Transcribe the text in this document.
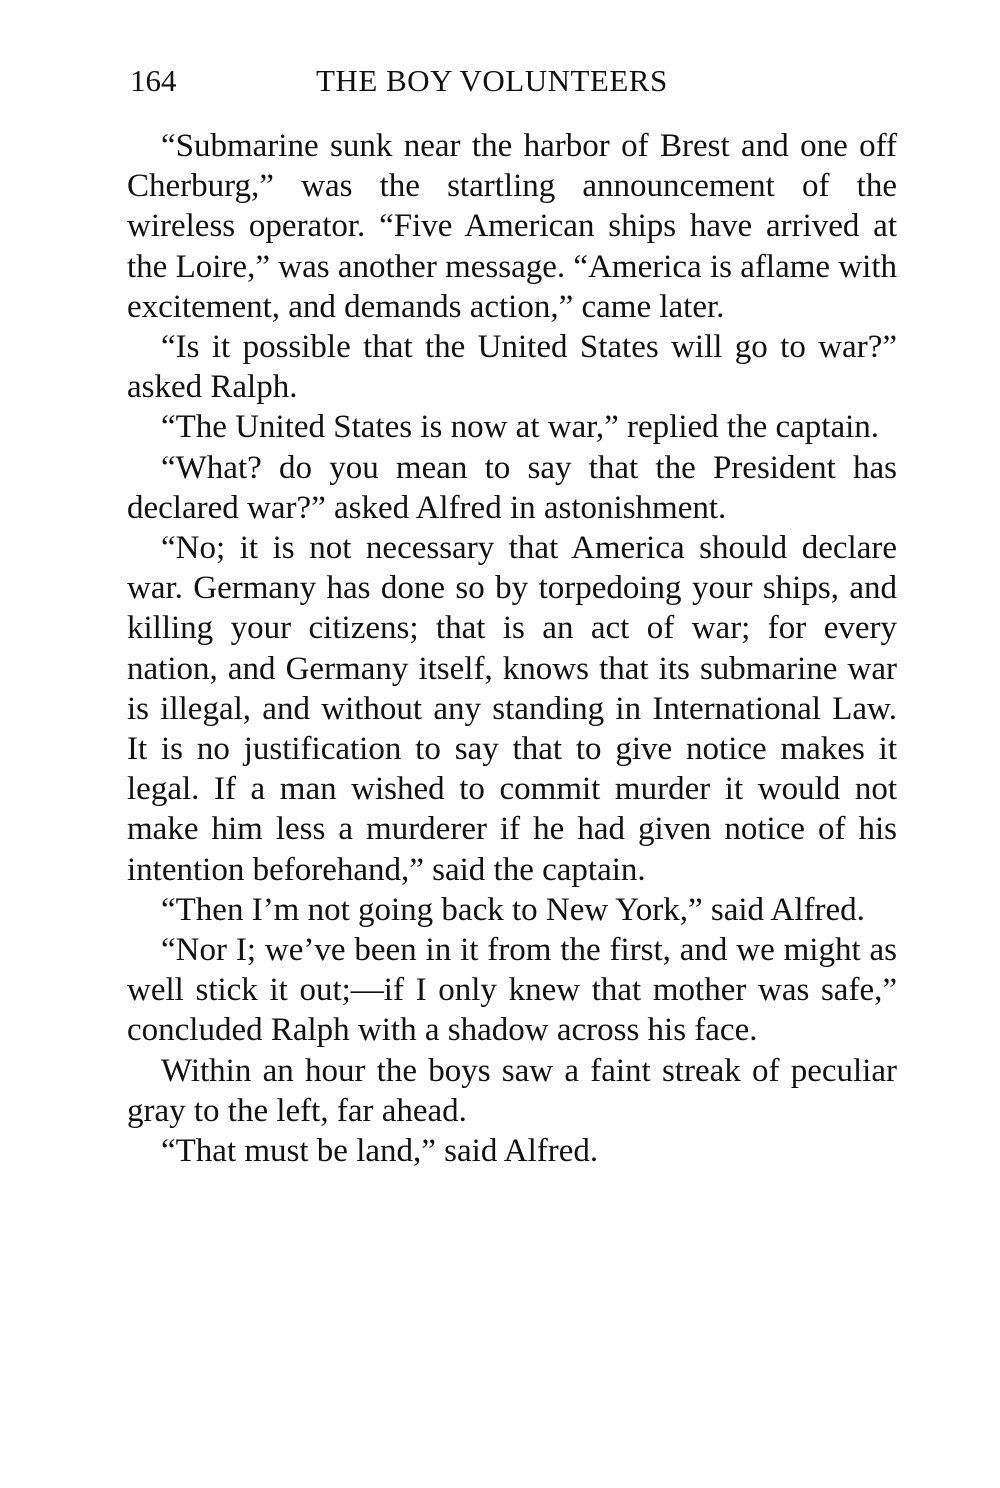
164	THE BOY VOLUNTEERS

“Submarine sunk near the harbor of Brest and one off Cherburg,” was the startling announcement of the wireless operator. “Five American ships have arrived at the Loire,” was another message. “America is aflame with excitement, and demands action,” came later.

“Is it possible that the United States will go to war?” asked Ralph.

“The United States is now at war,” replied the captain.

“What? do you mean to say that the President has declared war?” asked Alfred in astonishment.

“No; it is not necessary that America should declare war. Germany has done so by torpedoing your ships, and killing your citizens; that is an act of war; for every nation, and Germany itself, knows that its submarine war is illegal, and without any standing in International Law. It is no justification to say that to give notice makes it legal. If a man wished to commit murder it would not make him less a murderer if he had given notice of his intention beforehand,” said the captain.

“Then I’m not going back to New York,” said Alfred.

“Nor I; we’ve been in it from the first, and we might as well stick it out;—if I only knew that mother was safe,” concluded Ralph with a shadow across his face.

Within an hour the boys saw a faint streak of peculiar gray to the left, far ahead.

“That must be land,” said Alfred.
